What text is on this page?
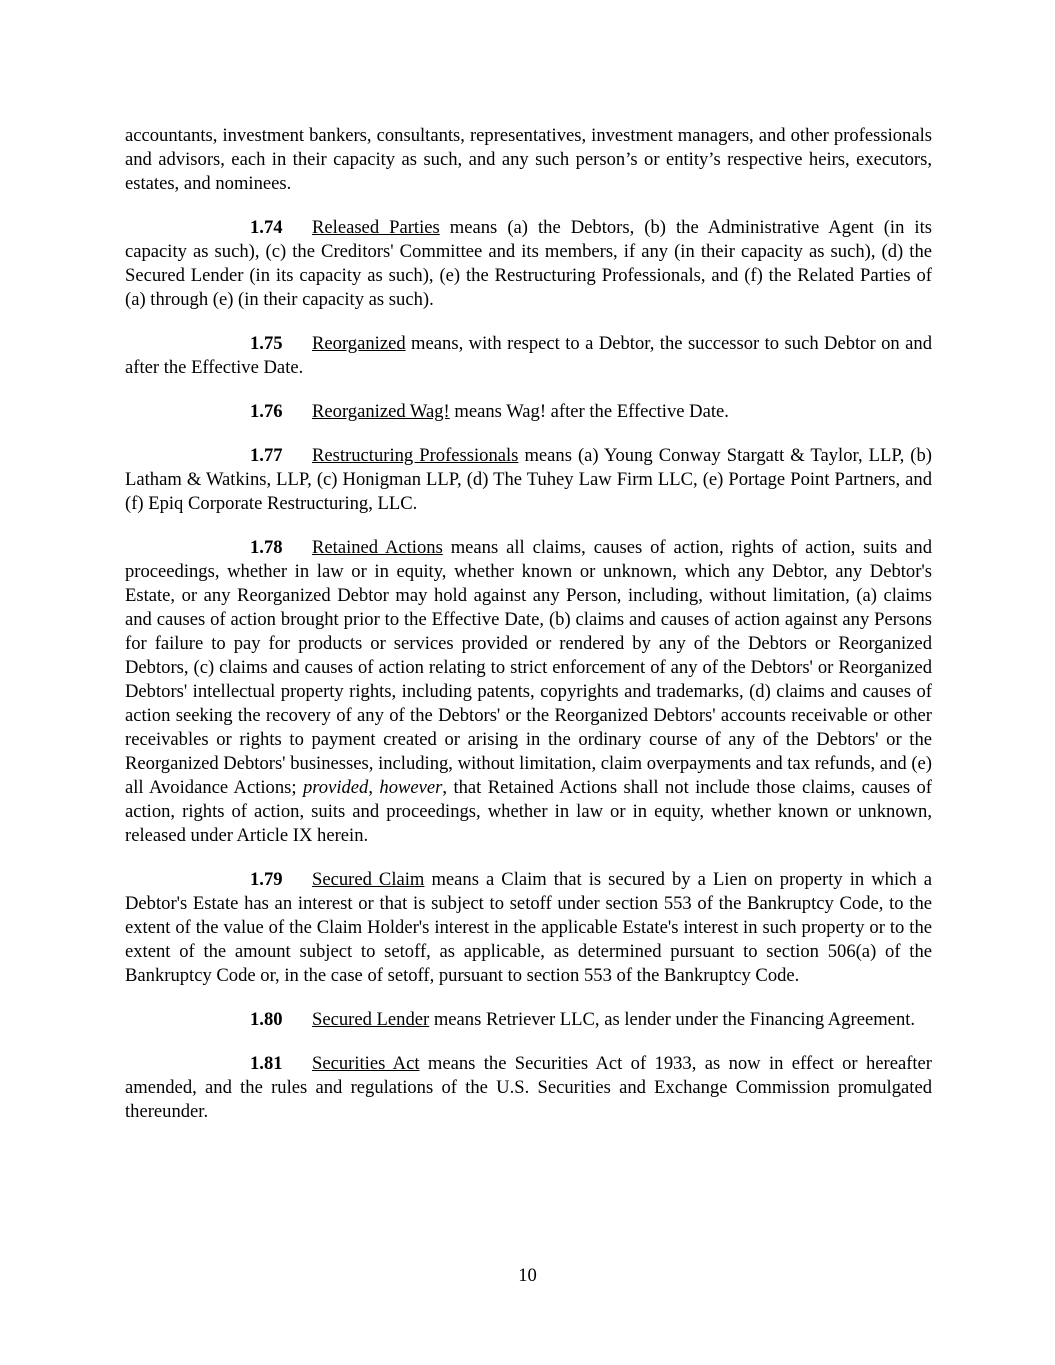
accountants, investment bankers, consultants, representatives, investment managers, and other professionals and advisors, each in their capacity as such, and any such person’s or entity’s respective heirs, executors, estates, and nominees.

1.74 Released Parties means (a) the Debtors, (b) the Administrative Agent (in its capacity as such), (c) the Creditors' Committee and its members, if any (in their capacity as such), (d) the Secured Lender (in its capacity as such), (e) the Restructuring Professionals, and (f) the Related Parties of (a) through (e) (in their capacity as such).

1.75 Reorganized means, with respect to a Debtor, the successor to such Debtor on and after the Effective Date.

1.76 Reorganized Wag! means Wag! after the Effective Date.

1.77 Restructuring Professionals means (a) Young Conway Stargatt & Taylor, LLP, (b) Latham & Watkins, LLP, (c) Honigman LLP, (d) The Tuhey Law Firm LLC, (e) Portage Point Partners, and (f) Epiq Corporate Restructuring, LLC.

1.78 Retained Actions means all claims, causes of action, rights of action, suits and proceedings, whether in law or in equity, whether known or unknown, which any Debtor, any Debtor's Estate, or any Reorganized Debtor may hold against any Person, including, without limitation, (a) claims and causes of action brought prior to the Effective Date, (b) claims and causes of action against any Persons for failure to pay for products or services provided or rendered by any of the Debtors or Reorganized Debtors, (c) claims and causes of action relating to strict enforcement of any of the Debtors' or Reorganized Debtors' intellectual property rights, including patents, copyrights and trademarks, (d) claims and causes of action seeking the recovery of any of the Debtors' or the Reorganized Debtors' accounts receivable or other receivables or rights to payment created or arising in the ordinary course of any of the Debtors' or the Reorganized Debtors' businesses, including, without limitation, claim overpayments and tax refunds, and (e) all Avoidance Actions; provided, however, that Retained Actions shall not include those claims, causes of action, rights of action, suits and proceedings, whether in law or in equity, whether known or unknown, released under Article IX herein.

1.79 Secured Claim means a Claim that is secured by a Lien on property in which a Debtor's Estate has an interest or that is subject to setoff under section 553 of the Bankruptcy Code, to the extent of the value of the Claim Holder's interest in the applicable Estate's interest in such property or to the extent of the amount subject to setoff, as applicable, as determined pursuant to section 506(a) of the Bankruptcy Code or, in the case of setoff, pursuant to section 553 of the Bankruptcy Code.

1.80 Secured Lender means Retriever LLC, as lender under the Financing Agreement.

1.81 Securities Act means the Securities Act of 1933, as now in effect or hereafter amended, and the rules and regulations of the U.S. Securities and Exchange Commission promulgated thereunder.

10
